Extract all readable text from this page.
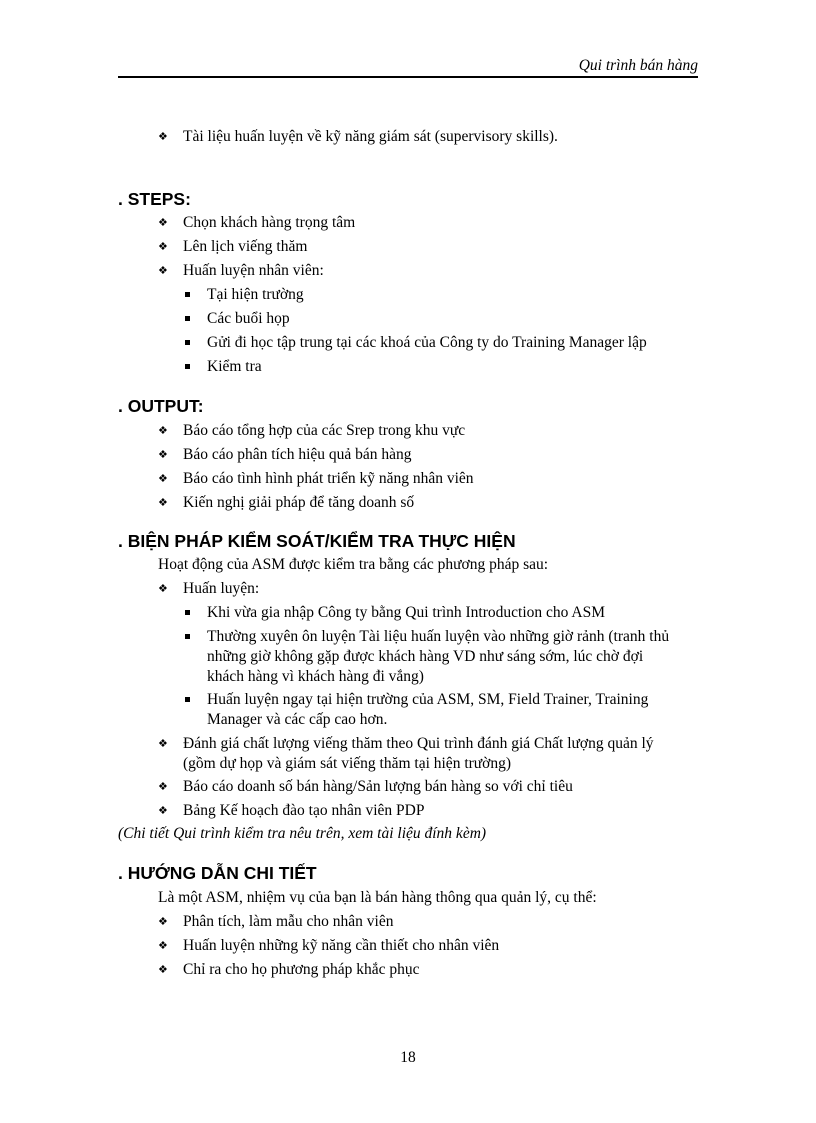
Qui trình bán hàng
❖ Tài liệu huấn luyện về kỹ năng giám sát (supervisory skills).
. STEPS:
❖ Chọn khách hàng trọng tâm
❖ Lên lịch viếng thăm
❖ Huấn luyện nhân viên:
Tại hiện trường
Các buổi họp
Gửi đi học tập trung tại các khoá của Công ty do Training Manager lập
Kiểm tra
. OUTPUT:
❖ Báo cáo tổng hợp của các Srep trong khu vực
❖ Báo cáo phân tích hiệu quả bán hàng
❖ Báo cáo tình hình phát triển kỹ năng nhân viên
❖ Kiến nghị giải pháp để tăng doanh số
. BIỆN PHÁP KIỂM SOÁT/KIỂM TRA THỰC HIỆN
Hoạt động của ASM được kiểm tra bằng các phương pháp sau:
❖ Huấn luyện:
Khi vừa gia nhập Công ty bằng Qui trình Introduction cho ASM
Thường xuyên ôn luyện Tài liệu huấn luyện vào những giờ rảnh (tranh thủ
những giờ không gặp được khách hàng VD như sáng sớm, lúc chờ đợi
khách hàng vì khách hàng đi vắng)
Huấn luyện ngay tại hiện trường của ASM, SM, Field Trainer, Training
Manager và các cấp cao hơn.
❖ Đánh giá chất lượng viếng thăm theo Qui trình đánh giá Chất lượng quản lý
(gồm dự họp và giám sát viếng thăm tại hiện trường)
❖ Báo cáo doanh số bán hàng/Sản lượng bán hàng so với chỉ tiêu
❖ Bảng Kế hoạch đào tạo nhân viên PDP
(Chi tiết Qui trình kiểm tra nêu trên, xem tài liệu đính kèm)
. HƯỚNG DẪN CHI TIẾT
Là một ASM, nhiệm vụ của bạn là bán hàng thông qua quản lý, cụ thể:
❖ Phân tích, làm mẫu cho nhân viên
❖ Huấn luyện những kỹ năng cần thiết cho nhân viên
❖ Chỉ ra cho họ phương pháp khắc phục
18
